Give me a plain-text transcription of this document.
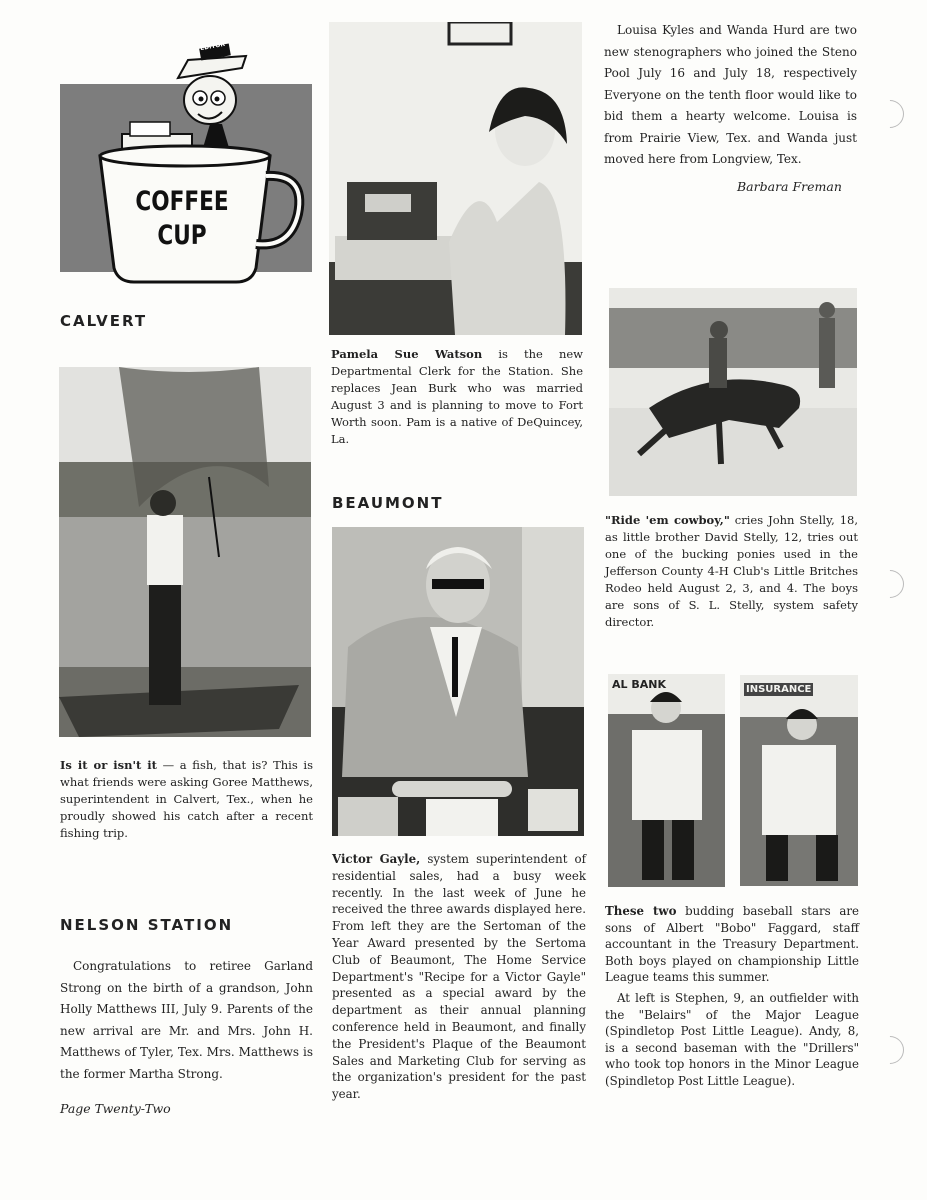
EDITOR
COFFEE
CUP
CALVERT

Is it or isn't it — a fish, that is? This is what friends were asking Goree Matthews, superintendent in Calvert, Tex., when he proudly showed his catch after a recent fishing trip.

NELSON STATION

Congratulations to retiree Garland Strong on the birth of a grandson, John Holly Matthews III, July 9. Parents of the new arrival are Mr. and Mrs. John H. Matthews of Tyler, Tex. Mrs. Matthews is the former Martha Strong.

Pamela Sue Watson is the new Departmental Clerk for the Station. She replaces Jean Burk who was married August 3 and is planning to move to Fort Worth soon. Pam is a native of DeQuincey, La.

BEAUMONT

Victor Gayle, system superintendent of residential sales, had a busy week recently. In the last week of June he received the three awards displayed here. From left they are the Sertoman of the Year Award presented by the Sertoma Club of Beaumont, The Home Service Department's "Recipe for a Victor Gayle" presented as a special award by the department as their annual planning conference held in Beaumont, and finally the President's Plaque of the Beaumont Sales and Marketing Club for serving as the organization's president for the past year.

Louisa Kyles and Wanda Hurd are two new stenographers who joined the Steno Pool July 16 and July 18, respectively Everyone on the tenth floor would like to bid them a hearty welcome. Louisa is from Prairie View, Tex. and Wanda just moved here from Longview, Tex.

Barbara Freman

"Ride 'em cowboy," cries John Stelly, 18, as little brother David Stelly, 12, tries out one of the bucking ponies used in the Jefferson County 4-H Club's Little Britches Rodeo held August 2, 3, and 4. The boys are sons of S. L. Stelly, system safety director.

AL BANK	INSURANCE

These two budding baseball stars are sons of Albert "Bobo" Faggard, staff accountant in the Treasury Department. Both boys played on championship Little League teams this summer.

At left is Stephen, 9, an outfielder with the "Belairs" of the Major League (Spindletop Post Little League). Andy, 8, is a second baseman with the "Drillers" who took top honors in the Minor League (Spindletop Post Little League).

Page Twenty-Two
